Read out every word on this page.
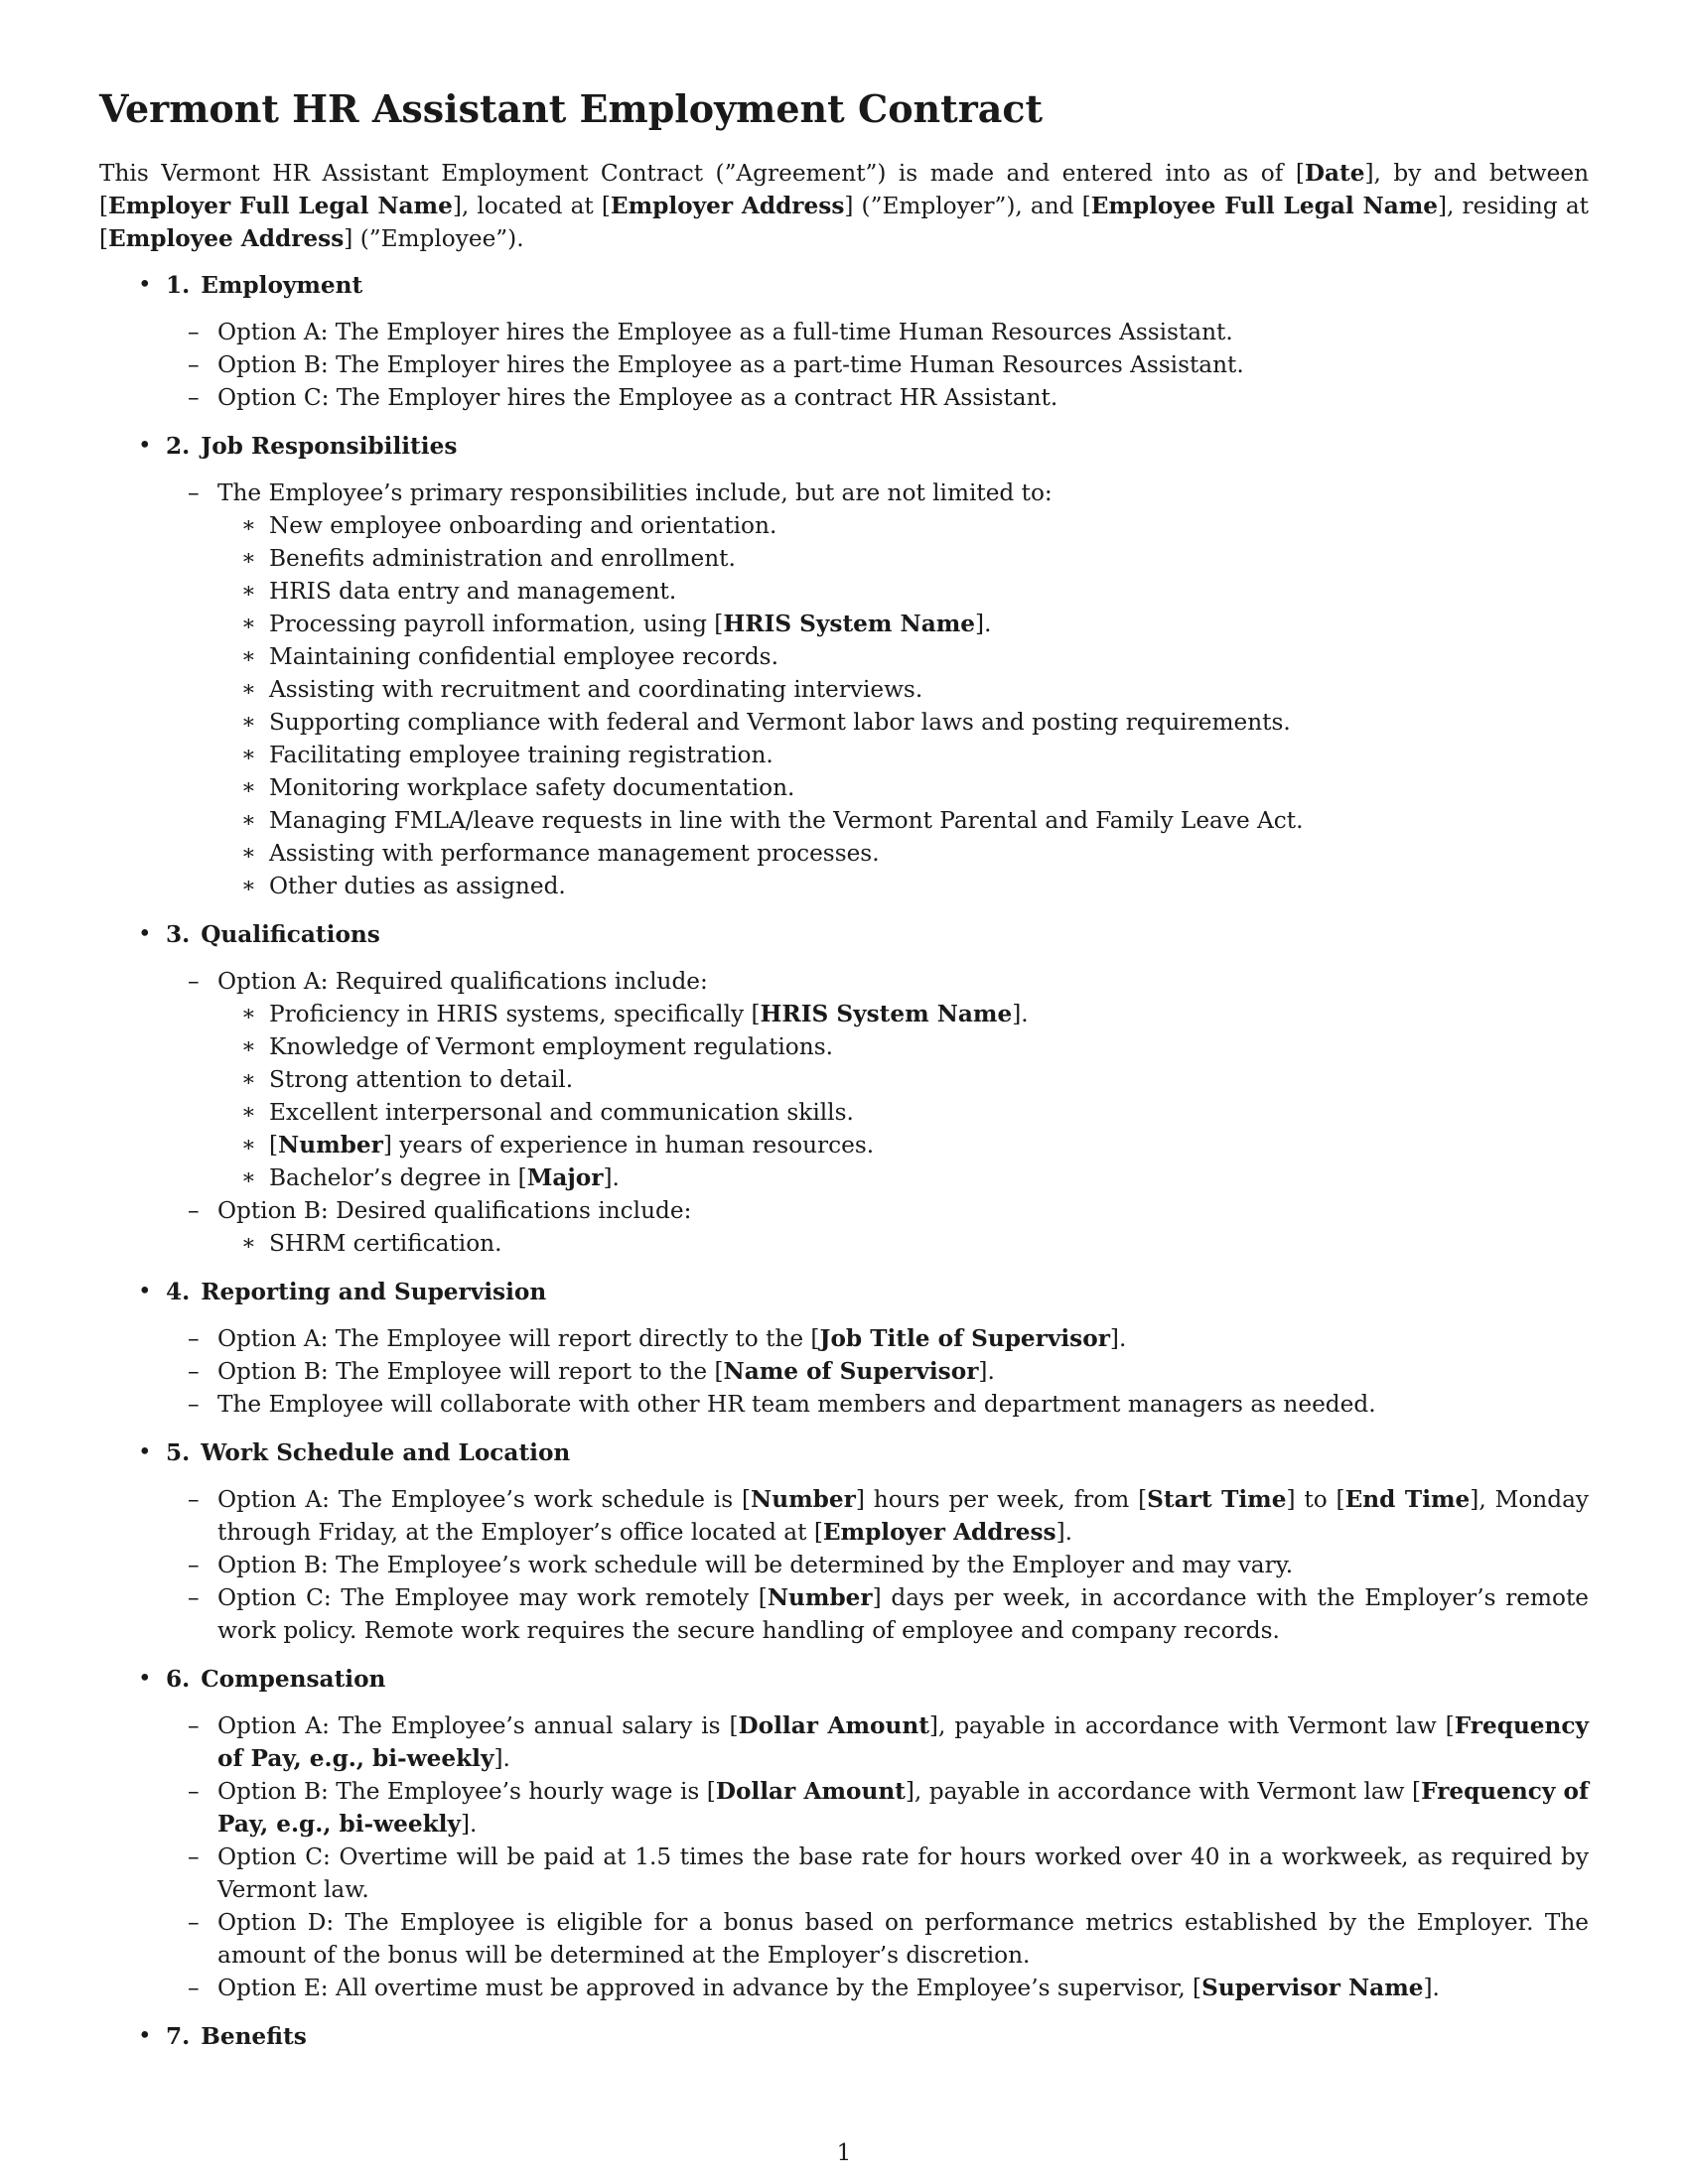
Vermont HR Assistant Employment Contract

This Vermont HR Assistant Employment Contract (”Agreement”) is made and entered into as of [Date], by and between [Employer Full Legal Name], located at [Employer Address] (”Employer”), and [Employee Full Legal Name], residing at [Employee Address] (”Employee”).

• 1. Employment
– Option A: The Employer hires the Employee as a full-time Human Resources Assistant.
– Option B: The Employer hires the Employee as a part-time Human Resources Assistant.
– Option C: The Employer hires the Employee as a contract HR Assistant.
• 2. Job Responsibilities
– The Employee’s primary responsibilities include, but are not limited to:
∗ New employee onboarding and orientation.
∗ Benefits administration and enrollment.
∗ HRIS data entry and management.
∗ Processing payroll information, using [HRIS System Name].
∗ Maintaining confidential employee records.
∗ Assisting with recruitment and coordinating interviews.
∗ Supporting compliance with federal and Vermont labor laws and posting requirements.
∗ Facilitating employee training registration.
∗ Monitoring workplace safety documentation.
∗ Managing FMLA/leave requests in line with the Vermont Parental and Family Leave Act.
∗ Assisting with performance management processes.
∗ Other duties as assigned.
• 3. Qualifications
– Option A: Required qualifications include:
∗ Proficiency in HRIS systems, specifically [HRIS System Name].
∗ Knowledge of Vermont employment regulations.
∗ Strong attention to detail.
∗ Excellent interpersonal and communication skills.
∗ [Number] years of experience in human resources.
∗ Bachelor’s degree in [Major].
– Option B: Desired qualifications include:
∗ SHRM certification.
• 4. Reporting and Supervision
– Option A: The Employee will report directly to the [Job Title of Supervisor].
– Option B: The Employee will report to the [Name of Supervisor].
– The Employee will collaborate with other HR team members and department managers as needed.
• 5. Work Schedule and Location
– Option A: The Employee’s work schedule is [Number] hours per week, from [Start Time] to [End Time], Monday through Friday, at the Employer’s office located at [Employer Address].
– Option B: The Employee’s work schedule will be determined by the Employer and may vary.
– Option C: The Employee may work remotely [Number] days per week, in accordance with the Employer’s remote work policy. Remote work requires the secure handling of employee and company records.
• 6. Compensation
– Option A: The Employee’s annual salary is [Dollar Amount], payable in accordance with Vermont law [Frequency of Pay, e.g., bi-weekly].
– Option B: The Employee’s hourly wage is [Dollar Amount], payable in accordance with Vermont law [Frequency of Pay, e.g., bi-weekly].
– Option C: Overtime will be paid at 1.5 times the base rate for hours worked over 40 in a workweek, as required by Vermont law.
– Option D: The Employee is eligible for a bonus based on performance metrics established by the Employer. The amount of the bonus will be determined at the Employer’s discretion.
– Option E: All overtime must be approved in advance by the Employee’s supervisor, [Supervisor Name].
• 7. Benefits
1
